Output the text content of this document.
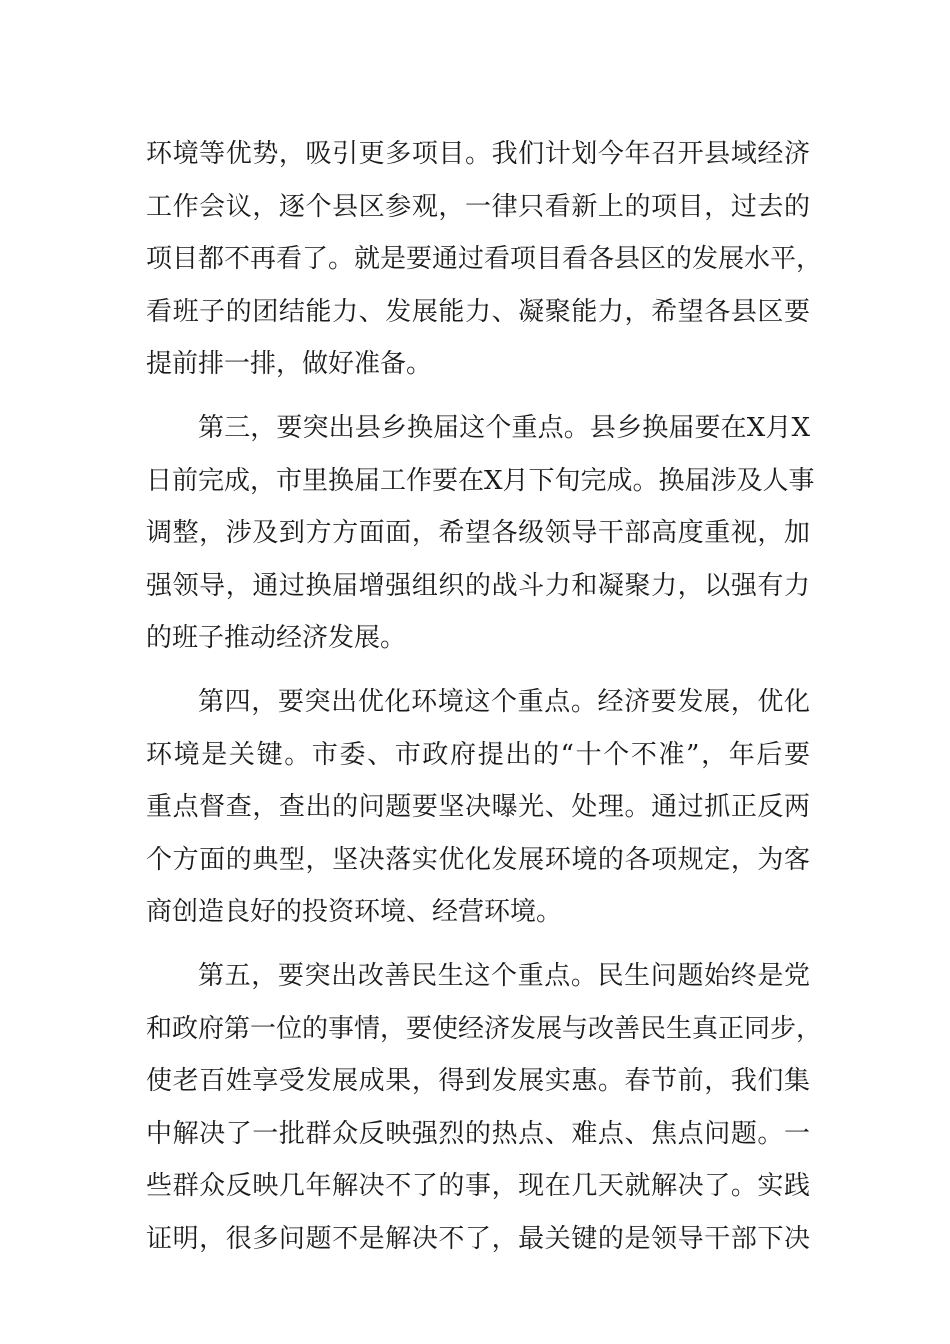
环境等优势，吸引更多项目。我们计划今年召开县域经济
工作会议，逐个县区参观，一律只看新上的项目，过去的
项目都不再看了。就是要通过看项目看各县区的发展水平，
看班子的团结能力、发展能力、凝聚能力，希望各县区要
提前排一排，做好准备。
第三，要突出县乡换届这个重点。县乡换届要在X月X
日前完成，市里换届工作要在X月下旬完成。换届涉及人事
调整，涉及到方方面面，希望各级领导干部高度重视，加
强领导，通过换届增强组织的战斗力和凝聚力，以强有力
的班子推动经济发展。
第四，要突出优化环境这个重点。经济要发展，优化
环境是关键。市委、市政府提出的“十个不准”，年后要
重点督查，查出的问题要坚决曝光、处理。通过抓正反两
个方面的典型，坚决落实优化发展环境的各项规定，为客
商创造良好的投资环境、经营环境。
第五，要突出改善民生这个重点。民生问题始终是党
和政府第一位的事情，要使经济发展与改善民生真正同步，
使老百姓享受发展成果，得到发展实惠。春节前，我们集
中解决了一批群众反映强烈的热点、难点、焦点问题。一
些群众反映几年解决不了的事，现在几天就解决了。实践
证明，很多问题不是解决不了，最关键的是领导干部下决
